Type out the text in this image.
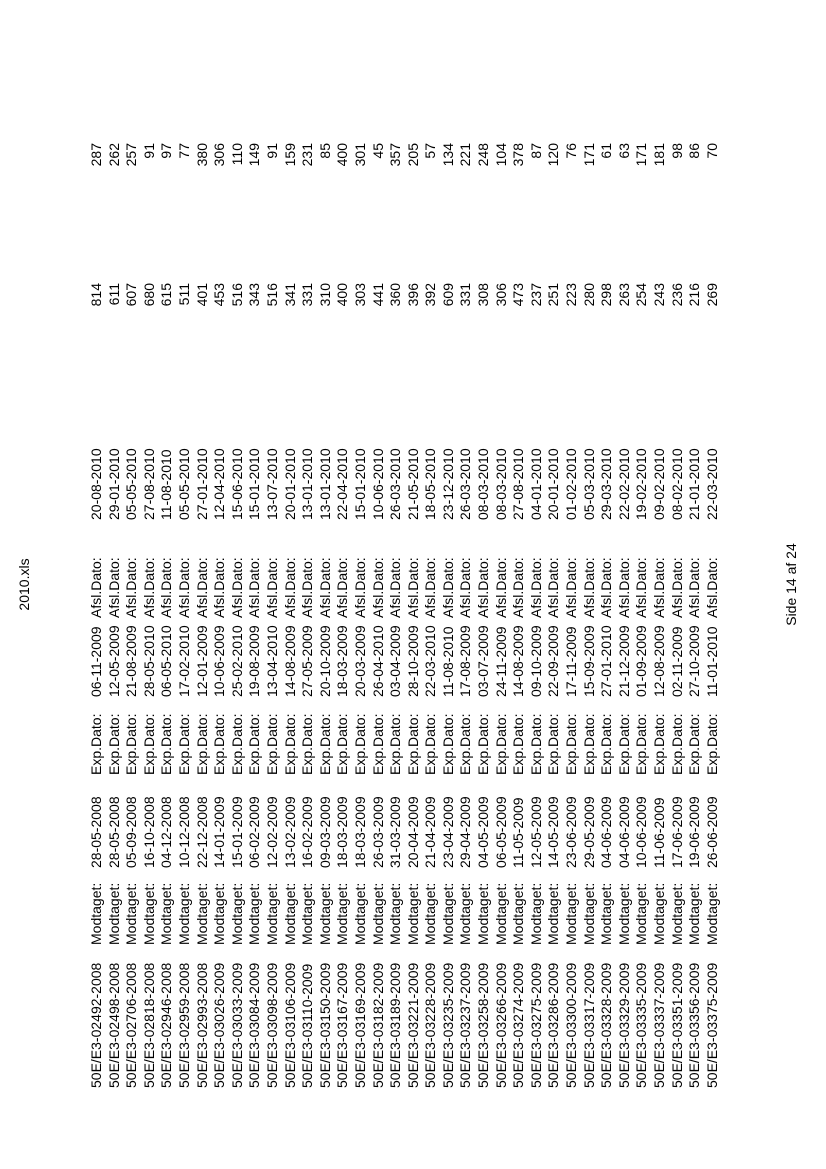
2010.xls
50E/E3-02492-2008
Modtaget:
28-05-2008
Exp.Dato:
06-11-2009
Afsl.Dato:
20-08-2010
814
287
50E/E3-02498-2008
Modtaget:
28-05-2008
Exp.Dato:
12-05-2009
Afsl.Dato:
29-01-2010
611
262
50E/E3-02706-2008
Modtaget:
05-09-2008
Exp.Dato:
21-08-2009
Afsl.Dato:
05-05-2010
607
257
50E/E3-02818-2008
Modtaget:
16-10-2008
Exp.Dato:
28-05-2010
Afsl.Dato:
27-08-2010
680
91
50E/E3-02946-2008
Modtaget:
04-12-2008
Exp.Dato:
06-05-2010
Afsl.Dato:
11-08-2010
615
97
50E/E3-02959-2008
Modtaget:
10-12-2008
Exp.Dato:
17-02-2010
Afsl.Dato:
05-05-2010
511
77
50E/E3-02993-2008
Modtaget:
22-12-2008
Exp.Dato:
12-01-2009
Afsl.Dato:
27-01-2010
401
380
50E/E3-03026-2009
Modtaget:
14-01-2009
Exp.Dato:
10-06-2009
Afsl.Dato:
12-04-2010
453
306
50E/E3-03033-2009
Modtaget:
15-01-2009
Exp.Dato:
25-02-2010
Afsl.Dato:
15-06-2010
516
110
50E/E3-03084-2009
Modtaget:
06-02-2009
Exp.Dato:
19-08-2009
Afsl.Dato:
15-01-2010
343
149
50E/E3-03098-2009
Modtaget:
12-02-2009
Exp.Dato:
13-04-2010
Afsl.Dato:
13-07-2010
516
91
50E/E3-03106-2009
Modtaget:
13-02-2009
Exp.Dato:
14-08-2009
Afsl.Dato:
20-01-2010
341
159
50E/E3-03110-2009
Modtaget:
16-02-2009
Exp.Dato:
27-05-2009
Afsl.Dato:
13-01-2010
331
231
50E/E3-03150-2009
Modtaget:
09-03-2009
Exp.Dato:
20-10-2009
Afsl.Dato:
13-01-2010
310
85
50E/E3-03167-2009
Modtaget:
18-03-2009
Exp.Dato:
18-03-2009
Afsl.Dato:
22-04-2010
400
400
50E/E3-03169-2009
Modtaget:
18-03-2009
Exp.Dato:
20-03-2009
Afsl.Dato:
15-01-2010
303
301
50E/E3-03182-2009
Modtaget:
26-03-2009
Exp.Dato:
26-04-2010
Afsl.Dato:
10-06-2010
441
45
50E/E3-03189-2009
Modtaget:
31-03-2009
Exp.Dato:
03-04-2009
Afsl.Dato:
26-03-2010
360
357
50E/E3-03221-2009
Modtaget:
20-04-2009
Exp.Dato:
28-10-2009
Afsl.Dato:
21-05-2010
396
205
50E/E3-03228-2009
Modtaget:
21-04-2009
Exp.Dato:
22-03-2010
Afsl.Dato:
18-05-2010
392
57
50E/E3-03235-2009
Modtaget:
23-04-2009
Exp.Dato:
11-08-2010
Afsl.Dato:
23-12-2010
609
134
50E/E3-03237-2009
Modtaget:
29-04-2009
Exp.Dato:
17-08-2009
Afsl.Dato:
26-03-2010
331
221
50E/E3-03258-2009
Modtaget:
04-05-2009
Exp.Dato:
03-07-2009
Afsl.Dato:
08-03-2010
308
248
50E/E3-03266-2009
Modtaget:
06-05-2009
Exp.Dato:
24-11-2009
Afsl.Dato:
08-03-2010
306
104
50E/E3-03274-2009
Modtaget:
11-05-2009
Exp.Dato:
14-08-2009
Afsl.Dato:
27-08-2010
473
378
50E/E3-03275-2009
Modtaget:
12-05-2009
Exp.Dato:
09-10-2009
Afsl.Dato:
04-01-2010
237
87
50E/E3-03286-2009
Modtaget:
14-05-2009
Exp.Dato:
22-09-2009
Afsl.Dato:
20-01-2010
251
120
50E/E3-03300-2009
Modtaget:
23-06-2009
Exp.Dato:
17-11-2009
Afsl.Dato:
01-02-2010
223
76
50E/E3-03317-2009
Modtaget:
29-05-2009
Exp.Dato:
15-09-2009
Afsl.Dato:
05-03-2010
280
171
50E/E3-03328-2009
Modtaget:
04-06-2009
Exp.Dato:
27-01-2010
Afsl.Dato:
29-03-2010
298
61
50E/E3-03329-2009
Modtaget:
04-06-2009
Exp.Dato:
21-12-2009
Afsl.Dato:
22-02-2010
263
63
50E/E3-03335-2009
Modtaget:
10-06-2009
Exp.Dato:
01-09-2009
Afsl.Dato:
19-02-2010
254
171
50E/E3-03337-2009
Modtaget:
11-06-2009
Exp.Dato:
12-08-2009
Afsl.Dato:
09-02-2010
243
181
50E/E3-03351-2009
Modtaget:
17-06-2009
Exp.Dato:
02-11-2009
Afsl.Dato:
08-02-2010
236
98
50E/E3-03356-2009
Modtaget:
19-06-2009
Exp.Dato:
27-10-2009
Afsl.Dato:
21-01-2010
216
86
50E/E3-03375-2009
Modtaget:
26-06-2009
Exp.Dato:
11-01-2010
Afsl.Dato:
22-03-2010
269
70
Side 14 af 24
